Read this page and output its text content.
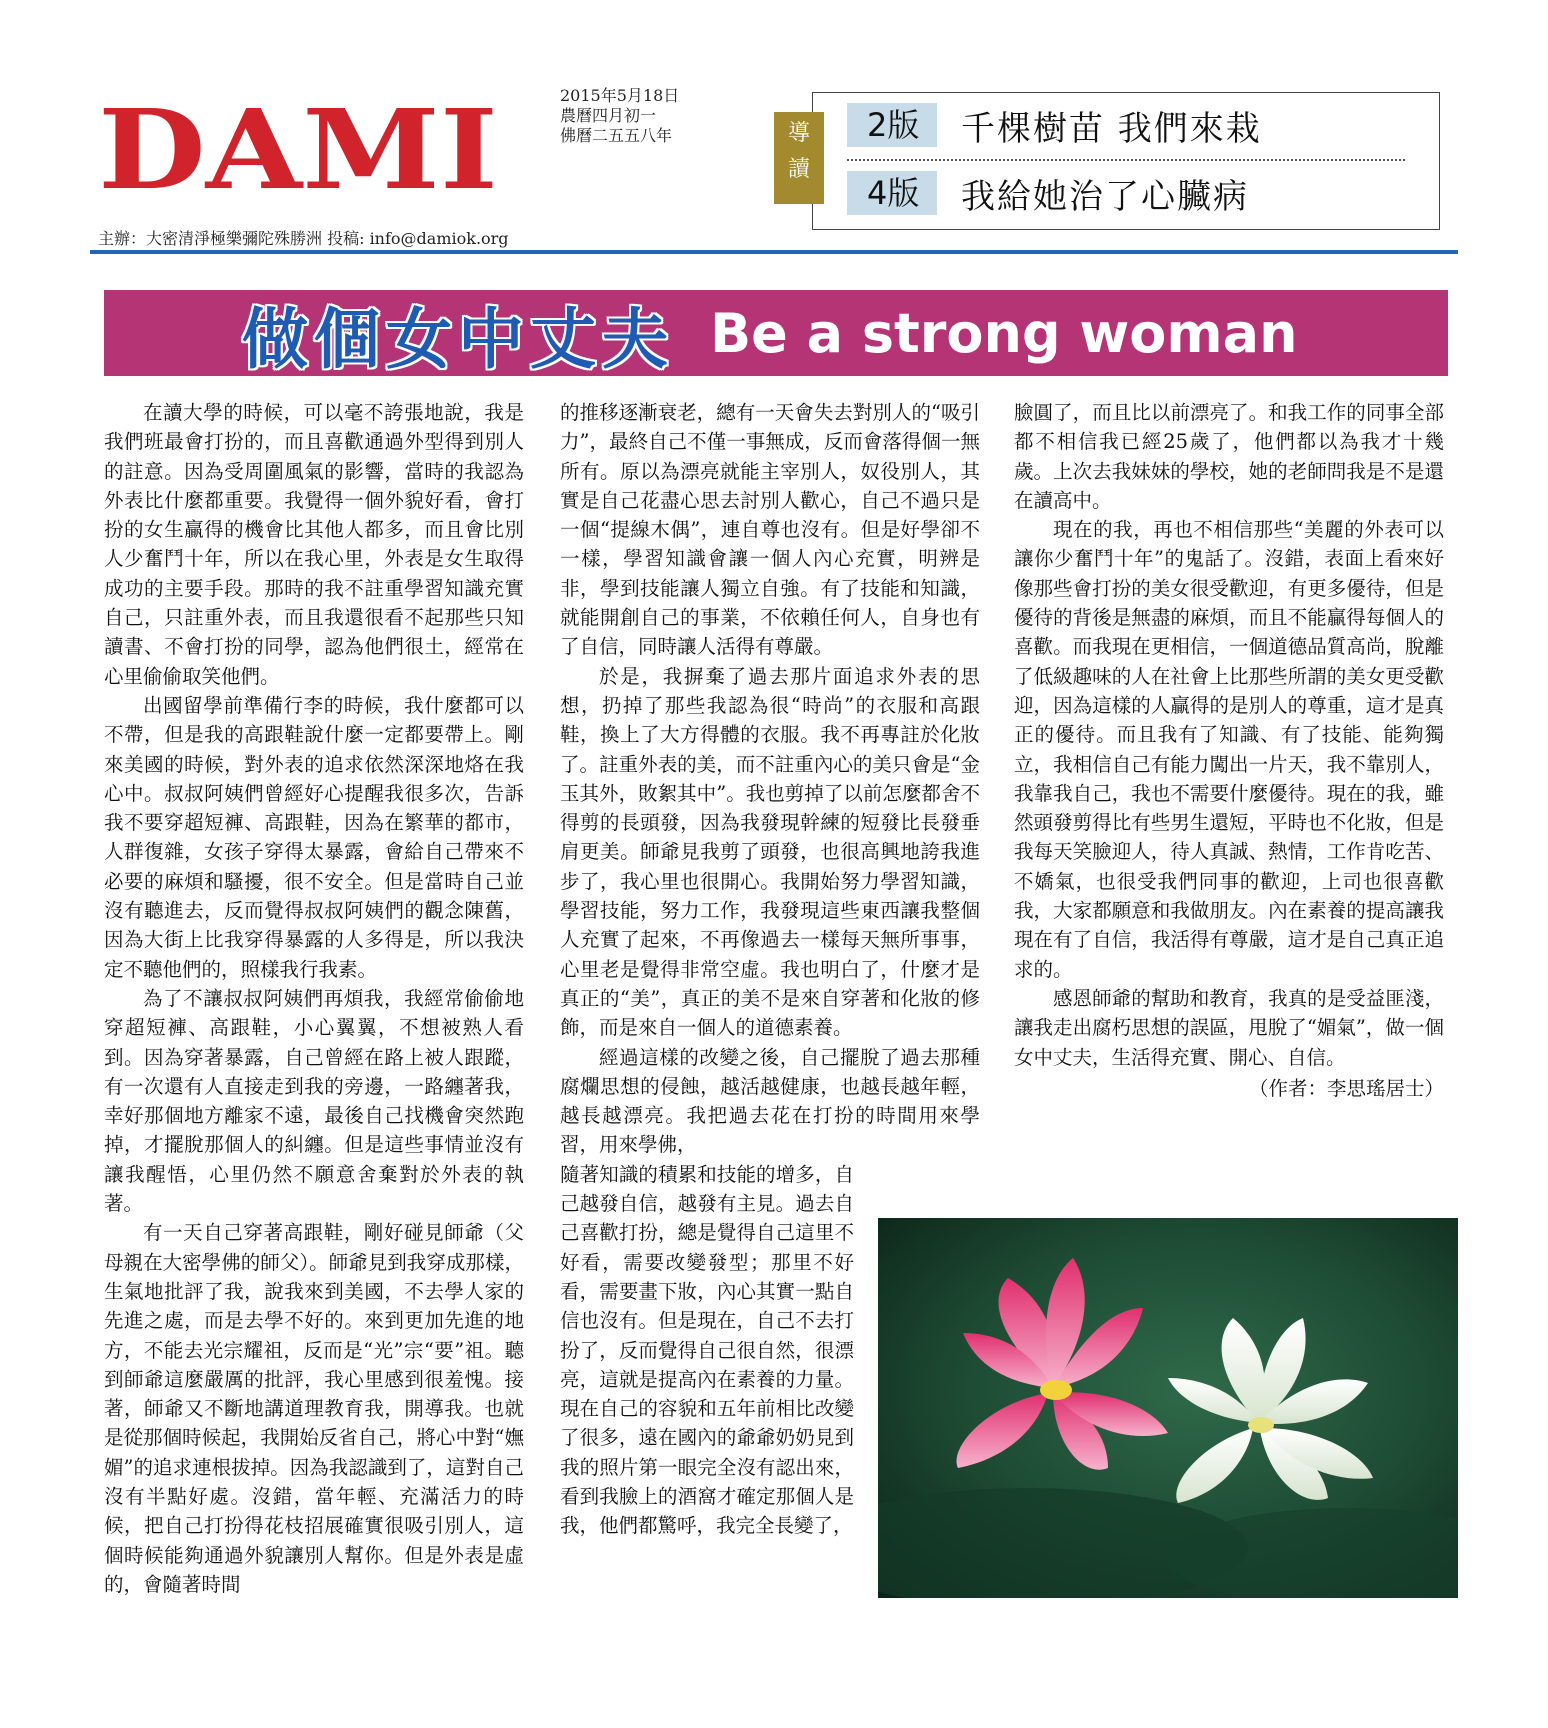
DAMI	2015年5月18日
農曆四月初一
佛曆二五五八年
主辦：大密清淨極樂彌陀殊勝洲 投稿: info@damiok.org
2版	千棵樹苗 我們來栽
4版	我給她治了心臟病
導
讀
做個女中丈夫 Be a strong woman

在讀大學的時候，可以毫不誇張地說，我是我們班最會打扮的，而且喜歡通過外型得到別人的註意。因為受周圍風氣的影響，當時的我認為外表比什麼都重要。我覺得一個外貌好看，會打扮的女生贏得的機會比其他人都多，而且會比別人少奮鬥十年，所以在我心里，外表是女生取得成功的主要手段。那時的我不註重學習知識充實自己，只註重外表，而且我還很看不起那些只知讀書、不會打扮的同學，認為他們很土，經常在心里偷偷取笑他們。

出國留學前準備行李的時候，我什麼都可以不帶，但是我的高跟鞋說什麼一定都要帶上。剛來美國的時候，對外表的追求依然深深地烙在我心中。叔叔阿姨們曾經好心提醒我很多次，告訴我不要穿超短褲、高跟鞋，因為在繁華的都市，人群復雜，女孩子穿得太暴露，會給自己帶來不必要的麻煩和騷擾，很不安全。但是當時自己並沒有聽進去，反而覺得叔叔阿姨們的觀念陳舊，因為大街上比我穿得暴露的人多得是，所以我決定不聽他們的，照樣我行我素。

為了不讓叔叔阿姨們再煩我，我經常偷偷地穿超短褲、高跟鞋，小心翼翼，不想被熟人看到。因為穿著暴露，自己曾經在路上被人跟蹤，有一次還有人直接走到我的旁邊，一路纏著我，幸好那個地方離家不遠，最後自己找機會突然跑掉，才擺脫那個人的糾纏。但是這些事情並沒有讓我醒悟，心里仍然不願意舍棄對於外表的執著。

有一天自己穿著高跟鞋，剛好碰見師爺（父母親在大密學佛的師父）。師爺見到我穿成那樣，生氣地批評了我，說我來到美國，不去學人家的先進之處，而是去學不好的。來到更加先進的地方，不能去光宗耀祖，反而是“光”宗“要”祖。聽到師爺這麼嚴厲的批評，我心里感到很羞愧。接著，師爺又不斷地講道理教育我，開導我。也就是從那個時候起，我開始反省自己，將心中對“嫵媚”的追求連根拔掉。因為我認識到了，這對自己沒有半點好處。沒錯，當年輕、充滿活力的時候，把自己打扮得花枝招展確實很吸引別人，這個時候能夠通過外貌讓別人幫你。但是外表是虛的，會隨著時間

的推移逐漸衰老，總有一天會失去對別人的“吸引力”，最終自己不僅一事無成，反而會落得個一無所有。原以為漂亮就能主宰別人，奴役別人，其實是自己花盡心思去討別人歡心，自己不過只是一個“提線木偶”，連自尊也沒有。但是好學卻不一樣，學習知識會讓一個人內心充實，明辨是非，學到技能讓人獨立自強。有了技能和知識，就能開創自己的事業，不依賴任何人，自身也有了自信，同時讓人活得有尊嚴。

於是，我摒棄了過去那片面追求外表的思想，扔掉了那些我認為很“時尚”的衣服和高跟鞋，換上了大方得體的衣服。我不再專註於化妝了。註重外表的美，而不註重內心的美只會是“金玉其外，敗絮其中”。我也剪掉了以前怎麼都舍不得剪的長頭發，因為我發現幹練的短發比長發垂肩更美。師爺見我剪了頭發，也很高興地誇我進步了，我心里也很開心。我開始努力學習知識，學習技能，努力工作，我發現這些東西讓我整個人充實了起來，不再像過去一樣每天無所事事，心里老是覺得非常空虛。我也明白了，什麼才是真正的“美”，真正的美不是來自穿著和化妝的修飾，而是來自一個人的道德素養。

經過這樣的改變之後，自己擺脫了過去那種腐爛思想的侵蝕，越活越健康，也越長越年輕，越長越漂亮。我把過去花在打扮的時間用來學習，用來學佛，

隨著知識的積累和技能的增多，自己越發自信，越發有主見。過去自己喜歡打扮，總是覺得自己這里不好看，需要改變發型；那里不好看，需要畫下妝，內心其實一點自信也沒有。但是現在，自己不去打扮了，反而覺得自己很自然，很漂亮，這就是提高內在素養的力量。現在自己的容貌和五年前相比改變了很多，遠在國內的爺爺奶奶見到我的照片第一眼完全沒有認出來，看到我臉上的酒窩才確定那個人是我，他們都驚呼，我完全長變了，

臉圓了，而且比以前漂亮了。和我工作的同事全部都不相信我已經25歲了，他們都以為我才十幾歲。上次去我妹妹的學校，她的老師問我是不是還在讀高中。

現在的我，再也不相信那些“美麗的外表可以讓你少奮鬥十年”的鬼話了。沒錯，表面上看來好像那些會打扮的美女很受歡迎，有更多優待，但是優待的背後是無盡的麻煩，而且不能贏得每個人的喜歡。而我現在更相信，一個道德品質高尚，脫離了低級趣味的人在社會上比那些所謂的美女更受歡迎，因為這樣的人贏得的是別人的尊重，這才是真正的優待。而且我有了知識、有了技能、能夠獨立，我相信自己有能力闖出一片天，我不靠別人，我靠我自己，我也不需要什麼優待。現在的我，雖然頭發剪得比有些男生還短，平時也不化妝，但是我每天笑臉迎人，待人真誠、熱情，工作肯吃苦、不嬌氣，也很受我們同事的歡迎，上司也很喜歡我，大家都願意和我做朋友。內在素養的提高讓我現在有了自信，我活得有尊嚴，這才是自己真正追求的。

感恩師爺的幫助和教育，我真的是受益匪淺，讓我走出腐朽思想的誤區，甩脫了“媚氣”，做一個女中丈夫，生活得充實、開心、自信。

（作者：李思瑤居士）
